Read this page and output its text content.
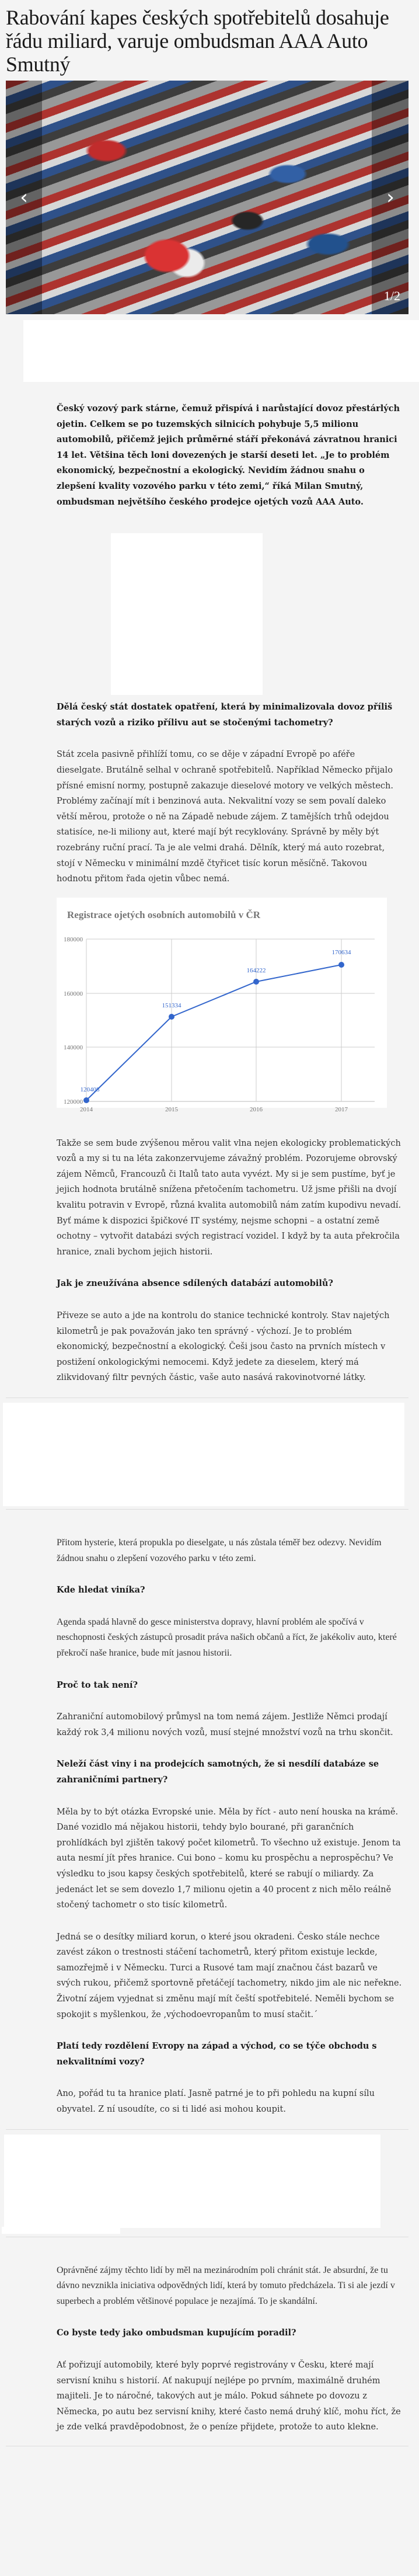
Rabování kapes českých spotřebitelů dosahuje řádu miliard, varuje ombudsman AAA Auto Smutný
‹	›
1/2

Český vozový park stárne, čemuž přispívá i narůstající dovoz přestárlých ojetin. Celkem se po tuzemských silnicích pohybuje 5,5 milionu automobilů, přičemž jejich průměrné stáří překonává závratnou hranici 14 let. Většina těch loni dovezených je starší deseti let. „Je to problém ekonomický, bezpečnostní a ekologický. Nevidím žádnou snahu o zlepšení kvality vozového parku v této zemi,“ říká Milan Smutný, ombudsman největšího českého prodejce ojetých vozů AAA Auto.

Dělá český stát dostatek opatření, která by minimalizovala dovoz příliš starých vozů a riziko přílivu aut se stočenými tachometry?

Stát zcela pasivně přihlíží tomu, co se děje v západní Evropě po aféře dieselgate. Brutálně selhal v ochraně spotřebitelů. Například Německo přijalo přísné emisní normy, postupně zakazuje dieselové motory ve velkých městech. Problémy začínají mít i benzinová auta. Nekvalitní vozy se sem povalí daleko větší měrou, protože o ně na Západě nebude zájem. Z tamějších trhů odejdou statisíce, ne-li miliony aut, které mají být recyklovány. Správně by měly být rozebrány ruční prací. Ta je ale velmi drahá. Dělník, který má auto rozebrat, stojí v Německu v minimální mzdě čtyřicet tisíc korun měsíčně. Takovou hodnotu přitom řada ojetin vůbec nemá.

Registrace ojetých osobních automobilů v ČR
180000
160000
140000
120000
2014	2015	2016	2017
120408
151334
164222
170634

Takže se sem bude zvýšenou měrou valit vlna nejen ekologicky problematických vozů a my si tu na léta zakonzervujeme závažný problém. Pozorujeme obrovský zájem Němců, Francouzů či Italů tato auta vyvézt. My si je sem pustíme, byť je jejich hodnota brutálně snížena přetočením tachometru. Už jsme přišli na dvojí kvalitu potravin v Evropě, různá kvalita automobilů nám zatím kupodivu nevadí. Byť máme k dispozici špičkové IT systémy, nejsme schopni – a ostatní země ochotny – vytvořit databázi svých registrací vozidel. I když by ta auta překročila hranice, znali bychom jejich historii.

Jak je zneužívána absence sdílených databází automobilů?

Přiveze se auto a jde na kontrolu do stanice technické kontroly. Stav najetých kilometrů je pak považován jako ten správný - výchozí. Je to problém ekonomický, bezpečnostní a ekologický. Češi jsou často na prvních místech v postižení onkologickými nemocemi. Když jedete za dieselem, který má zlikvidovaný filtr pevných částic, vaše auto nasává rakovinotvorné látky.

Přitom hysterie, která propukla po dieselgate, u nás zůstala téměř bez odezvy. Nevidím žádnou snahu o zlepšení vozového parku v této zemi.

Kde hledat viníka?

Agenda spadá hlavně do gesce ministerstva dopravy, hlavní problém ale spočívá v neschopnosti českých zástupců prosadit práva našich občanů a říct, že jakékoliv auto, které překročí naše hranice, bude mít jasnou historii.

Proč to tak není?

Zahraniční automobilový průmysl na tom nemá zájem. Jestliže Němci prodají každý rok 3,4 milionu nových vozů, musí stejné množství vozů na trhu skončit.

Neleží část viny i na prodejcích samotných, že si nesdílí databáze se zahraničními partnery?

Měla by to být otázka Evropské unie. Měla by říct - auto není houska na krámě. Dané vozidlo má nějakou historii, tehdy bylo bourané, při garančních prohlídkách byl zjištěn takový počet kilometrů. To všechno už existuje. Jenom ta auta nesmí jít přes hranice. Cui bono – komu ku prospěchu a neprospěchu? Ve výsledku to jsou kapsy českých spotřebitelů, které se rabují o miliardy. Za jedenáct let se sem dovezlo 1,7 milionu ojetin a 40 procent z nich mělo reálně stočený tachometr o sto tisíc kilometrů.

Jedná se o desítky miliard korun, o které jsou okradeni. Česko stále nechce zavést zákon o trestnosti stáčení tachometrů, který přitom existuje leckde, samozřejmě i v Německu. Turci a Rusové tam mají značnou část bazarů ve svých rukou, přičemž sportovně přetáčejí tachometry, nikdo jim ale nic neřekne. Životní zájem vyjednat si změnu mají mít čeští spotřebitelé. Neměli bychom se spokojit s myšlenkou, že ‚východoevropanům to musí stačit.´

Platí tedy rozdělení Evropy na západ a východ, co se týče obchodu s nekvalitními vozy?

Ano, pořád tu ta hranice platí. Jasně patrné je to při pohledu na kupní sílu obyvatel. Z ní usoudíte, co si ti lidé asi mohou koupit.

Oprávněné zájmy těchto lidí by měl na mezinárodním poli chránit stát. Je absurdní, že tu dávno nevznikla iniciativa odpovědných lidí, která by tomuto předcházela. Ti si ale jezdí v superbech a problém většinové populace je nezajímá. To je skandální.

Co byste tedy jako ombudsman kupujícím poradil?

Ať pořizují automobily, které byly poprvé registrovány v Česku, které mají servisní knihu s historií. Ať nakupují nejlépe po prvním, maximálně druhém majiteli. Je to náročné, takových aut je málo. Pokud sáhnete po dovozu z Německa, po autu bez servisní knihy, které často nemá druhý klíč, mohu říct, že je zde velká pravděpodobnost, že o peníze přijdete, protože to auto klekne.
